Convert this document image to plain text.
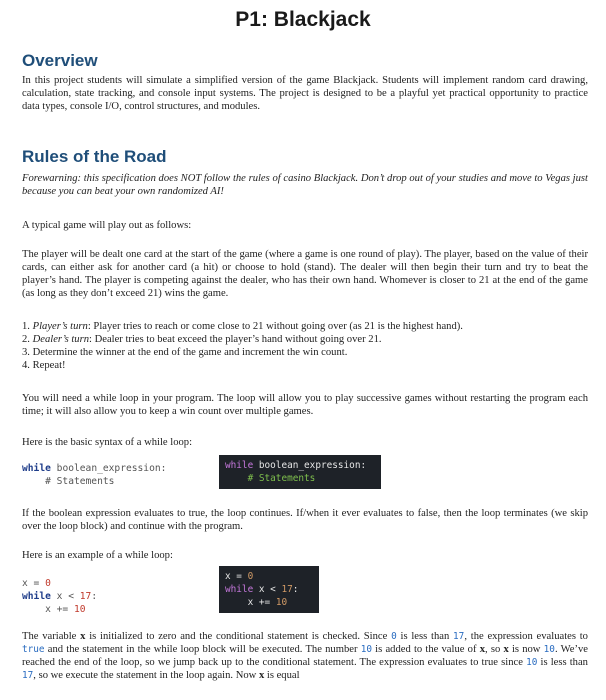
P1: Blackjack
Overview
In this project students will simulate a simplified version of the game Blackjack. Students will implement random card drawing, calculation, state tracking, and console input systems. The project is designed to be a playful yet practical opportunity to practice data types, console I/O, control structures, and modules.
Rules of the Road
Forewarning: this specification does NOT follow the rules of casino Blackjack. Don’t drop out of your studies and move to Vegas just because you can beat your own randomized AI!
A typical game will play out as follows:
The player will be dealt one card at the start of the game (where a game is one round of play). The player, based on the value of their cards, can either ask for another card (a hit) or choose to hold (stand). The dealer will then begin their turn and try to beat the player’s hand. The player is competing against the dealer, who has their own hand. Whomever is closer to 21 at the end of the game (as long as they don’t exceed 21) wins the game.
1. Player’s turn: Player tries to reach or come close to 21 without going over (as 21 is the highest hand).
2. Dealer’s turn: Dealer tries to beat exceed the player’s hand without going over 21.
3. Determine the winner at the end of the game and increment the win count.
4. Repeat!
You will need a while loop in your program. The loop will allow you to play successive games without restarting the program each time; it will also allow you to keep a win count over multiple games.
Here is the basic syntax of a while loop:
while boolean_expression:
# Statements
while boolean_expression:
# Statements
If the boolean expression evaluates to true, the loop continues. If/when it ever evaluates to false, then the loop terminates (we skip over the loop block) and continue with the program.
Here is an example of a while loop:
x = 0
while x < 17:
x += 10
x = 0
while x < 17:
x += 10
The variable x is initialized to zero and the conditional statement is checked. Since 0 is less than 17, the expression evaluates to true and the statement in the while loop block will be executed. The number 10 is added to the value of x, so x is now 10. We’ve reached the end of the loop, so we jump back up to the conditional statement. The expression evaluates to true since 10 is less than 17, so we execute the statement in the loop again. Now x is equal
